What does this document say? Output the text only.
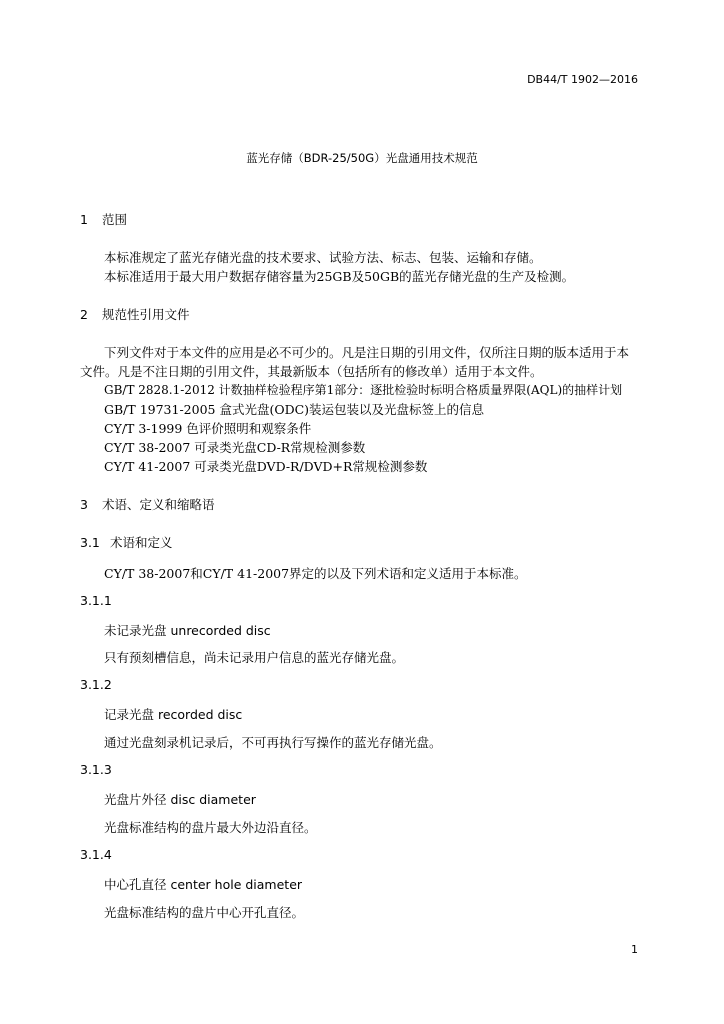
DB44/T 1902—2016
蓝光存储（BDR-25/50G）光盘通用技术规范
1 范围
本标准规定了蓝光存储光盘的技术要求、试验方法、标志、包装、运输和存储。
本标准适用于最大用户数据存储容量为25GB及50GB的蓝光存储光盘的生产及检测。
2 规范性引用文件
下列文件对于本文件的应用是必不可少的。凡是注日期的引用文件，仅所注日期的版本适用于本
文件。凡是不注日期的引用文件，其最新版本（包括所有的修改单）适用于本文件。
GB/T 2828.1-2012 计数抽样检验程序第1部分：逐批检验时标明合格质量界限(AQL)的抽样计划
GB/T 19731-2005 盒式光盘(ODC)装运包装以及光盘标签上的信息
CY/T 3-1999 色评价照明和观察条件
CY/T 38-2007 可录类光盘CD-R常规检测参数
CY/T 41-2007 可录类光盘DVD-R/DVD+R常规检测参数
3 术语、定义和缩略语
3.1 术语和定义
CY/T 38-2007和CY/T 41-2007界定的以及下列术语和定义适用于本标准。
3.1.1
未记录光盘 unrecorded disc
只有预刻槽信息，尚未记录用户信息的蓝光存储光盘。
3.1.2
记录光盘 recorded disc
通过光盘刻录机记录后，不可再执行写操作的蓝光存储光盘。
3.1.3
光盘片外径 disc diameter
光盘标准结构的盘片最大外边沿直径。
3.1.4
中心孔直径 center hole diameter
光盘标准结构的盘片中心开孔直径。
1
